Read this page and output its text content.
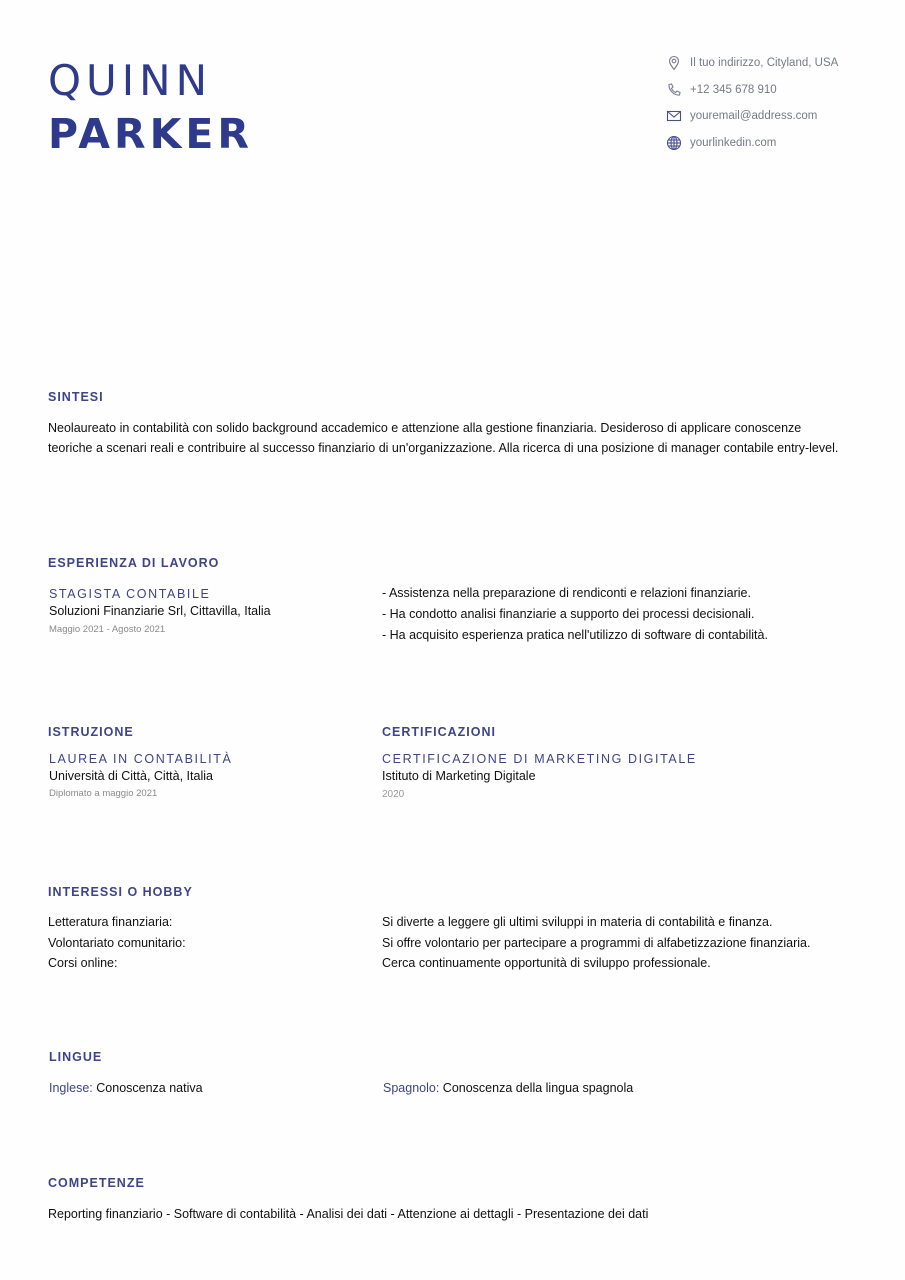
QUINN
PARKER
Il tuo indirizzo, Cityland, USA
+12 345 678 910
youremail@address.com
yourlinkedin.com
SINTESI
Neolaureato in contabilità con solido background accademico e attenzione alla gestione finanziaria. Desideroso di applicare conoscenze teoriche a scenari reali e contribuire al successo finanziario di un'organizzazione. Alla ricerca di una posizione di manager contabile entry-level.
ESPERIENZA DI LAVORO
STAGISTA CONTABILE
Soluzioni Finanziarie Srl, Cittavilla, Italia
Maggio 2021 - Agosto 2021
- Assistenza nella preparazione di rendiconti e relazioni finanziarie.
- Ha condotto analisi finanziarie a supporto dei processi decisionali.
- Ha acquisito esperienza pratica nell'utilizzo di software di contabilità.
ISTRUZIONE
LAUREA IN CONTABILITÀ
Università di Città, Città, Italia
Diplomato a maggio 2021
CERTIFICAZIONI
CERTIFICAZIONE DI MARKETING DIGITALE
Istituto di Marketing Digitale
2020
INTERESSI O HOBBY
Letteratura finanziaria:
Volontariato comunitario:
Corsi online:
Si diverte a leggere gli ultimi sviluppi in materia di contabilità e finanza.
Si offre volontario per partecipare a programmi di alfabetizzazione finanziaria.
Cerca continuamente opportunità di sviluppo professionale.
LINGUE
Inglese: Conoscenza nativa	Spagnolo: Conoscenza della lingua spagnola
COMPETENZE
Reporting finanziario - Software di contabilità - Analisi dei dati - Attenzione ai dettagli - Presentazione dei dati
